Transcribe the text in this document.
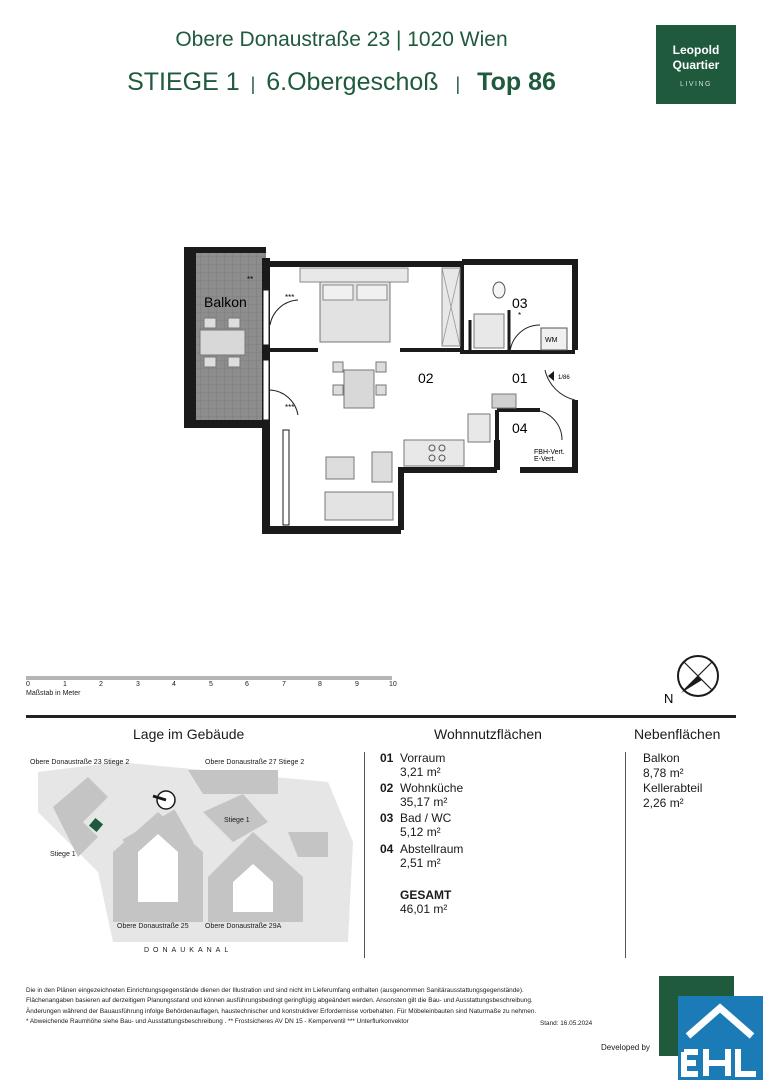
Obere Donaustraße 23 | 1020 Wien
STIEGE 1 | 6.Obergeschoß | Top 86
Leopold
Quartier
LIVING
Balkon
02	01
03
04
**
***
***
*
WM
1/86
FBH-Vert.
E-Vert.
0	1	2	3	4	5	6	7	8	9	10
Maßstab in Meter	N
Lage im Gebäude	Wohnnutzflächen	Nebenflächen
Obere Donaustraße 23 Stiege 2	Obere Donaustraße 27 Stiege 2
Stiege 1
Stiege 1
Obere Donaustraße 25 Obere Donaustraße 29A
DONAUKANAL
01 Vorraum
3,21 m²
02 Wohnküche
35,17 m²
03 Bad / WC
5,12 m²
04 Abstellraum
2,51 m²
GESAMT
46,01 m²
Balkon
8,78 m²
Kellerabteil
2,26 m²
Die in den Plänen eingezeichneten Einrichtungsgegenstände dienen der Illustration und sind nicht im Lieferumfang enthalten (ausgenommen Sanitärausstattungsgegenstände).
Flächenangaben basieren auf derzeitigem Planungsstand und können ausführungsbedingt geringfügig abgeändert werden. Ansonsten gilt die Bau- und Ausstattungsbeschreibung.
Änderungen während der Bauausführung infolge Behördenauflagen, haustechnischer und konstruktiver Erfordernisse vorbehalten. Für Möbeleinbauten sind Naturmaße zu nehmen.
* Abweichende Raumhöhe siehe Bau- und Ausstattungsbeschreibung . ** Frostsicheres AV DN 15 - Kemperventil *** Unterflurkonvektor	Stand: 16.05.2024
Developed by
